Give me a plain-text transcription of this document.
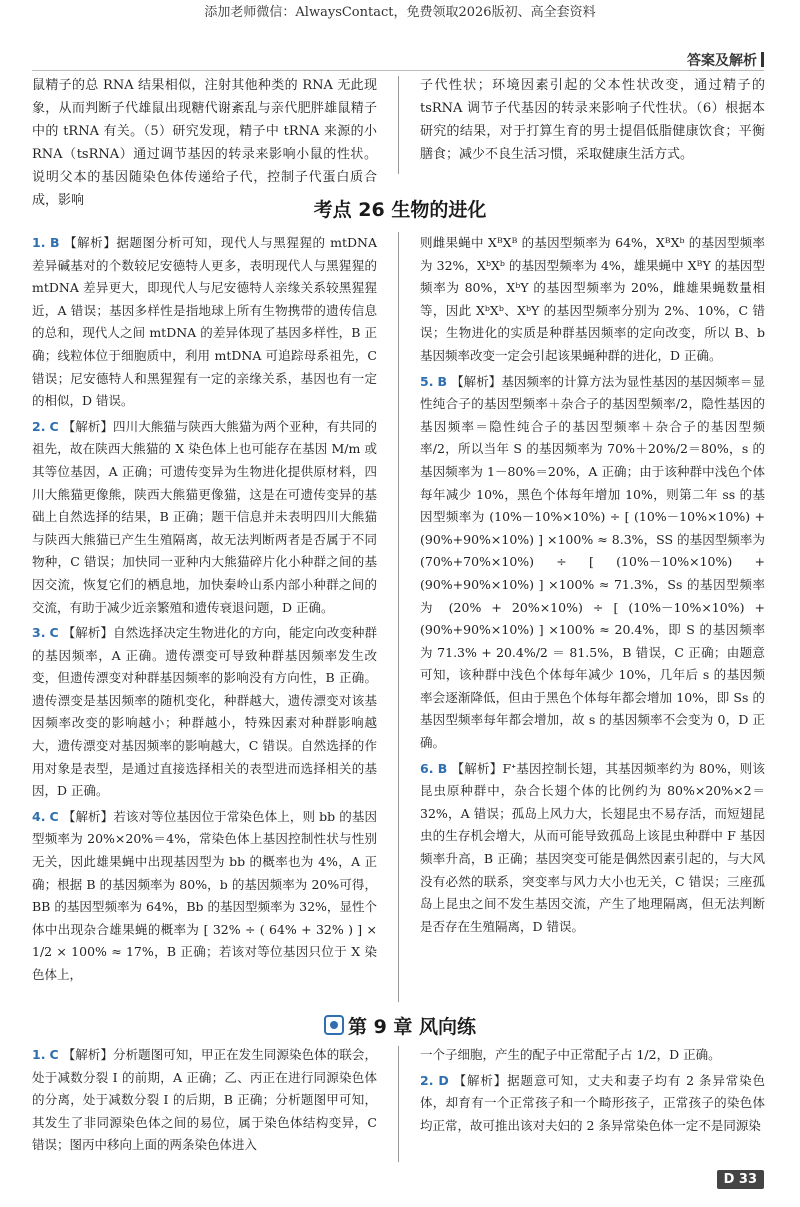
添加老师微信：AlwaysContact，免费领取2026版初、高全套资料
答案及解析
鼠精子的总 RNA 结果相似，注射其他种类的 RNA 无此现象，从而判断子代雄鼠出现糖代谢紊乱与亲代肥胖雄鼠精子中的 tRNA 有关。（5）研究发现，精子中 tRNA 来源的小 RNA（tsRNA）通过调节基因的转录来影响小鼠的性状。说明父本的基因随染色体传递给子代，控制子代蛋白质合成，影响
子代性状；环境因素引起的父本性状改变，通过精子的 tsRNA 调节子代基因的转录来影响子代性状。（6）根据本研究的结果，对于打算生育的男士提倡低脂健康饮食；平衡膳食；减少不良生活习惯，采取健康生活方式。
考点 26 生物的进化
1. B 【解析】据题图分析可知，现代人与黑猩猩的 mtDNA 差异碱基对的个数较尼安德特人更多，表明现代人与黑猩猩的 mtDNA 差异更大，即现代人与尼安德特人亲缘关系较黑猩猩近，A 错误；基因多样性是指地球上所有生物携带的遗传信息的总和，现代人之间 mtDNA 的差异体现了基因多样性，B 正确；线粒体位于细胞质中，利用 mtDNA 可追踪母系祖先，C 错误；尼安德特人和黑猩猩有一定的亲缘关系，基因也有一定的相似，D 错误。
2. C 【解析】四川大熊猫与陕西大熊猫为两个亚种，有共同的祖先，故在陕西大熊猫的 X 染色体上也可能存在基因 M/m 或其等位基因，A 正确；可遗传变异为生物进化提供原材料，四川大熊猫更像熊，陕西大熊猫更像猫，这是在可遗传变异的基础上自然选择的结果，B 正确；题干信息并未表明四川大熊猫与陕西大熊猫已产生生殖隔离，故无法判断两者是否属于不同物种，C 错误；加快同一亚种内大熊猫碎片化小种群之间的基因交流，恢复它们的栖息地，加快秦岭山系内部小种群之间的交流，有助于减少近亲繁殖和遗传衰退问题，D 正确。
3. C 【解析】自然选择决定生物进化的方向，能定向改变种群的基因频率，A 正确。遗传漂变可导致种群基因频率发生改变，但遗传漂变对种群基因频率的影响没有方向性，B 正确。遗传漂变是基因频率的随机变化，种群越大，遗传漂变对该基因频率改变的影响越小；种群越小，特殊因素对种群影响越大，遗传漂变对基因频率的影响越大，C 错误。自然选择的作用对象是表型，是通过直接选择相关的表型进而选择相关的基因，D 正确。
4. C 【解析】若该对等位基因位于常染色体上，则 bb 的基因型频率为 20%×20%＝4%，常染色体上基因控制性状与性别无关，因此雄果蝇中出现基因型为 bb 的概率也为 4%，A 正确；根据 B 的基因频率为 80%，b 的基因频率为 20%可得，BB 的基因型频率为 64%，Bb 的基因型频率为 32%，显性个体中出现杂合雄果蝇的概率为 [ 32% ÷ ( 64% + 32% ) ] × 1/2 × 100% ≈ 17%，B 正确；若该对等位基因只位于 X 染色体上，
则雌果蝇中 XᴮXᴮ 的基因型频率为 64%，XᴮXᵇ 的基因型频率为 32%，XᵇXᵇ 的基因型频率为 4%，雄果蝇中 XᴮY 的基因型频率为 80%，XᵇY 的基因型频率为 20%，雌雄果蝇数量相等，因此 XᵇXᵇ、XᵇY 的基因型频率分别为 2%、10%，C 错误；生物进化的实质是种群基因频率的定向改变，所以 B、b 基因频率改变一定会引起该果蝇种群的进化，D 正确。
5. B 【解析】基因频率的计算方法为显性基因的基因频率＝显性纯合子的基因型频率＋杂合子的基因型频率/2，隐性基因的基因频率＝隐性纯合子的基因型频率＋杂合子的基因型频率/2，所以当年 S 的基因频率为 70%＋20%/2＝80%，s 的基因频率为 1－80%＝20%，A 正确；由于该种群中浅色个体每年减少 10%，黑色个体每年增加 10%，则第二年 ss 的基因型频率为 (10%－10%×10%) ÷ [ (10%－10%×10%) + (90%+90%×10%) ] ×100% ≈ 8.3%，SS 的基因型频率为 (70%+70%×10%) ÷ [ (10%－10%×10%) + (90%+90%×10%) ] ×100% ≈ 71.3%，Ss 的基因型频率为 (20% + 20%×10%) ÷ [ (10%－10%×10%) + (90%+90%×10%) ] ×100% ≈ 20.4%，即 S 的基因频率为 71.3% + 20.4%/2 ＝ 81.5%，B 错误，C 正确；由题意可知，该种群中浅色个体每年减少 10%，几年后 s 的基因频率会逐渐降低，但由于黑色个体每年都会增加 10%，即 Ss 的基因型频率每年都会增加，故 s 的基因频率不会变为 0，D 正确。
6. B 【解析】Fᐩ基因控制长翅，其基因频率约为 80%，则该昆虫原种群中，杂合长翅个体的比例约为 80%×20%×2＝32%，A 错误；孤岛上风力大，长翅昆虫不易存活，而短翅昆虫的生存机会增大，从而可能导致孤岛上该昆虫种群中 F 基因频率升高，B 正确；基因突变可能是偶然因素引起的，与大风没有必然的联系，突变率与风力大小也无关，C 错误；三座孤岛上昆虫之间不发生基因交流，产生了地理隔离，但无法判断是否存在生殖隔离，D 错误。
第 9 章 风向练
1. C 【解析】分析题图可知，甲正在发生同源染色体的联会，处于减数分裂 Ⅰ 的前期，A 正确；乙、丙正在进行同源染色体的分离，处于减数分裂 Ⅰ 的后期，B 正确；分析题图甲可知，其发生了非同源染色体之间的易位，属于染色体结构变异，C 错误；图丙中移向上面的两条染色体进入
一个子细胞，产生的配子中正常配子占 1/2，D 正确。
2. D 【解析】据题意可知，丈夫和妻子均有 2 条异常染色体，却育有一个正常孩子和一个畸形孩子，正常孩子的染色体均正常，故可推出该对夫妇的 2 条异常染色体一定不是同源染
D 33
